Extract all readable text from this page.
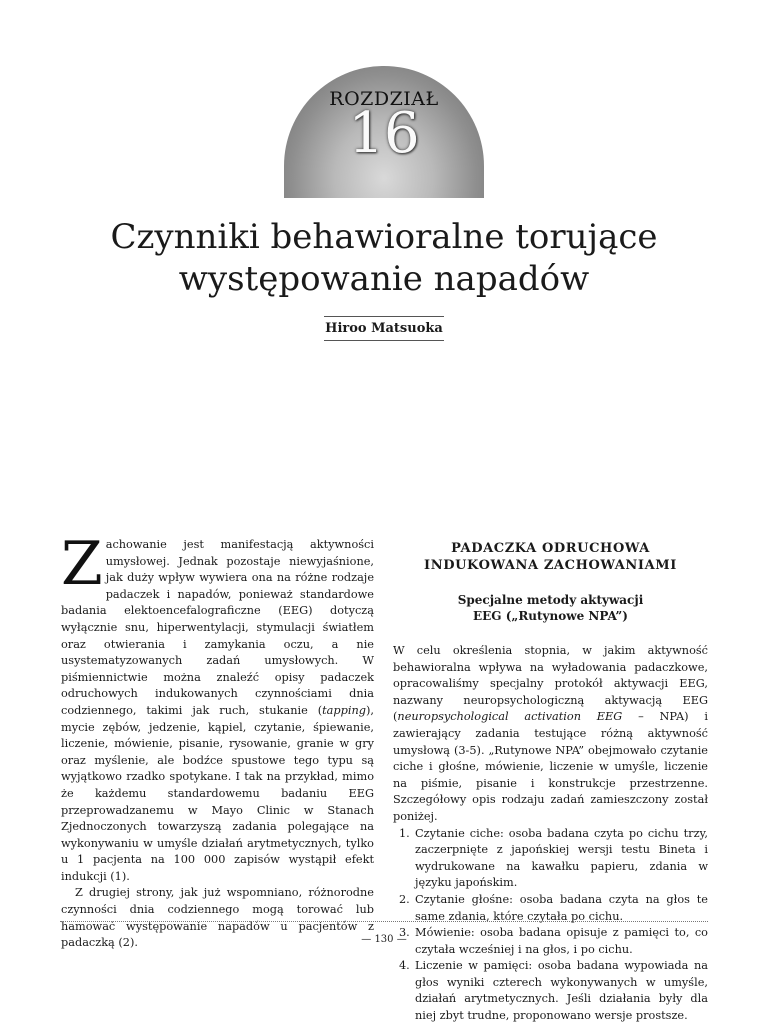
ROZDZIAŁ
16
Czynniki behawioralne torujące
występowanie napadów
Hiroo Matsuoka

Zachowanie jest manifestacją aktywności umysłowej. Jednak pozostaje niewyjaśnione, jak duży wpływ wywiera ona na różne rodzaje padaczek i napadów, ponieważ standardowe badania elektoencefalograficzne (EEG) dotyczą wyłącznie snu, hiperwentylacji, stymulacji światłem oraz otwierania i zamykania oczu, a nie usystematyzowanych zadań umysłowych. W piśmiennictwie można znaleźć opisy padaczek odruchowych indukowanych czynnościami dnia codziennego, takimi jak ruch, stukanie (tapping), mycie zębów, jedzenie, kąpiel, czytanie, śpiewanie, liczenie, mówienie, pisanie, rysowanie, granie w gry oraz myślenie, ale bodźce spustowe tego typu są wyjątkowo rzadko spotykane. I tak na przykład, mimo że każdemu standardowemu badaniu EEG przeprowadzanemu w Mayo Clinic w Stanach Zjednoczonych towarzyszą zadania polegające na wykonywaniu w umyśle działań arytmetycznych, tylko u 1 pacjenta na 100 000 zapisów wystąpił efekt indukcji (1).

Z drugiej strony, jak już wspomniano, różnorodne czynności dnia codziennego mogą torować lub hamować występowanie napadów u pacjentów z padaczką (2).

PADACZKA ODRUCHOWA
INDUKOWANA ZACHOWANIAMI
Specjalne metody aktywacji
EEG („Rutynowe NPA”)

W celu określenia stopnia, w jakim aktywność behawioralna wpływa na wyładowania padaczkowe, opracowaliśmy specjalny protokół aktywacji EEG, nazwany neuropsychologiczną aktywacją EEG (neuropsychological activation EEG – NPA) i zawierający zadania testujące różną aktywność umysłową (3-5). „Rutynowe NPA” obejmowało czytanie ciche i głośne, mówienie, liczenie w umyśle, liczenie na piśmie, pisanie i konstrukcje przestrzenne. Szczegółowy opis rodzaju zadań zamieszczony został poniżej.

1. Czytanie ciche: osoba badana czyta po cichu trzy, zaczerpnięte z japońskiej wersji testu Bineta i wydrukowane na kawałku papieru, zdania w języku japońskim.
2. Czytanie głośne: osoba badana czyta na głos te same zdania, które czytała po cichu.
3. Mówienie: osoba badana opisuje z pamięci to, co czytała wcześniej i na głos, i po cichu.
4. Liczenie w pamięci: osoba badana wypowiada na głos wyniki czterech wykonywanych w umyśle, działań arytmetycznych. Jeśli działania były dla niej zbyt trudne, proponowano wersje prostsze.
— 130 —
